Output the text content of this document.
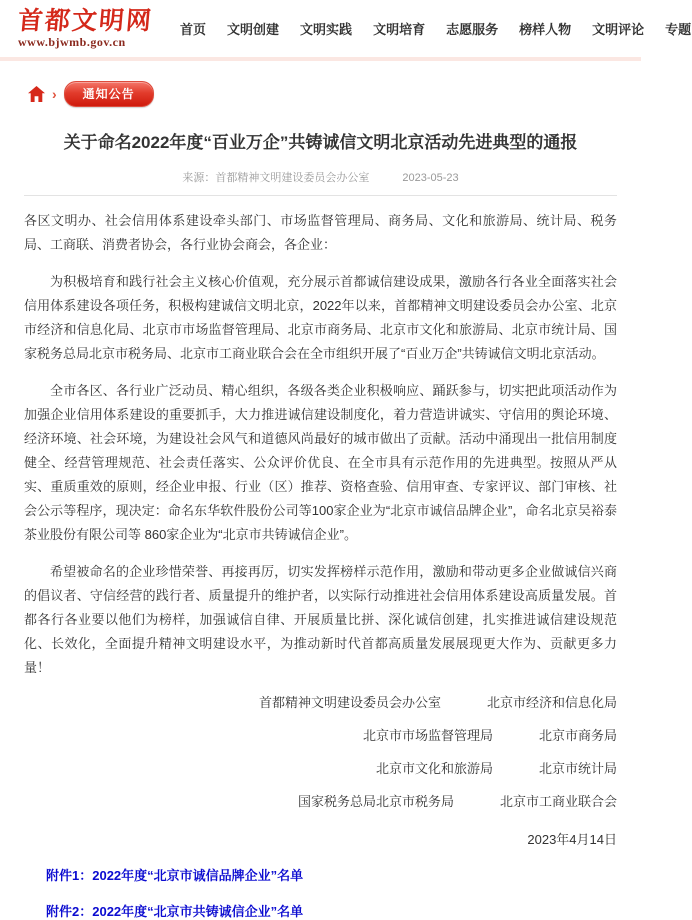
首都文明网
www.bjwmb.gov.cn
首页 文明创建 文明实践 文明培育 志愿服务 榜样人物 文明评论 专题
›	通知公告
关于命名2022年度“百业万企”共铸诚信文明北京活动先进典型的通报
来源：首都精神文明建设委员会办公室	2023-05-23

各区文明办、社会信用体系建设牵头部门、市场监督管理局、商务局、文化和旅游局、统计局、税务局、工商联、消费者协会，各行业协会商会，各企业：

为积极培育和践行社会主义核心价值观，充分展示首都诚信建设成果，激励各行各业全面落实社会信用体系建设各项任务，积极构建诚信文明北京，2022年以来，首都精神文明建设委员会办公室、北京市经济和信息化局、北京市市场监督管理局、北京市商务局、北京市文化和旅游局、北京市统计局、国家税务总局北京市税务局、北京市工商业联合会在全市组织开展了“百业万企”共铸诚信文明北京活动。

全市各区、各行业广泛动员、精心组织，各级各类企业积极响应、踊跃参与，切实把此项活动作为加强企业信用体系建设的重要抓手，大力推进诚信建设制度化，着力营造讲诚实、守信用的舆论环境、经济环境、社会环境，为建设社会风气和道德风尚最好的城市做出了贡献。活动中涌现出一批信用制度健全、经营管理规范、社会责任落实、公众评价优良、在全市具有示范作用的先进典型。按照从严从实、重质重效的原则，经企业申报、行业（区）推荐、资格查验、信用审查、专家评议、部门审核、社会公示等程序，现决定：命名东华软件股份公司等100家企业为“北京市诚信品牌企业”，命名北京吴裕泰茶业股份有限公司等 860家企业为“北京市共铸诚信企业”。

希望被命名的企业珍惜荣誉、再接再厉，切实发挥榜样示范作用，激励和带动更多企业做诚信兴商的倡议者、守信经营的践行者、质量提升的维护者，以实际行动推进社会信用体系建设高质量发展。首都各行各业要以他们为榜样，加强诚信自律、开展质量比拼、深化诚信创建，扎实推进诚信建设规范化、长效化，全面提升精神文明建设水平，为推动新时代首都高质量发展展现更大作为、贡献更多力量！

首都精神文明建设委员会办公室	北京市经济和信息化局
北京市市场监督管理局	北京市商务局
北京市文化和旅游局	北京市统计局
国家税务总局北京市税务局	北京市工商业联合会
2023年4月14日
附件1：2022年度“北京市诚信品牌企业”名单
附件2：2022年度“北京市共铸诚信企业”名单
